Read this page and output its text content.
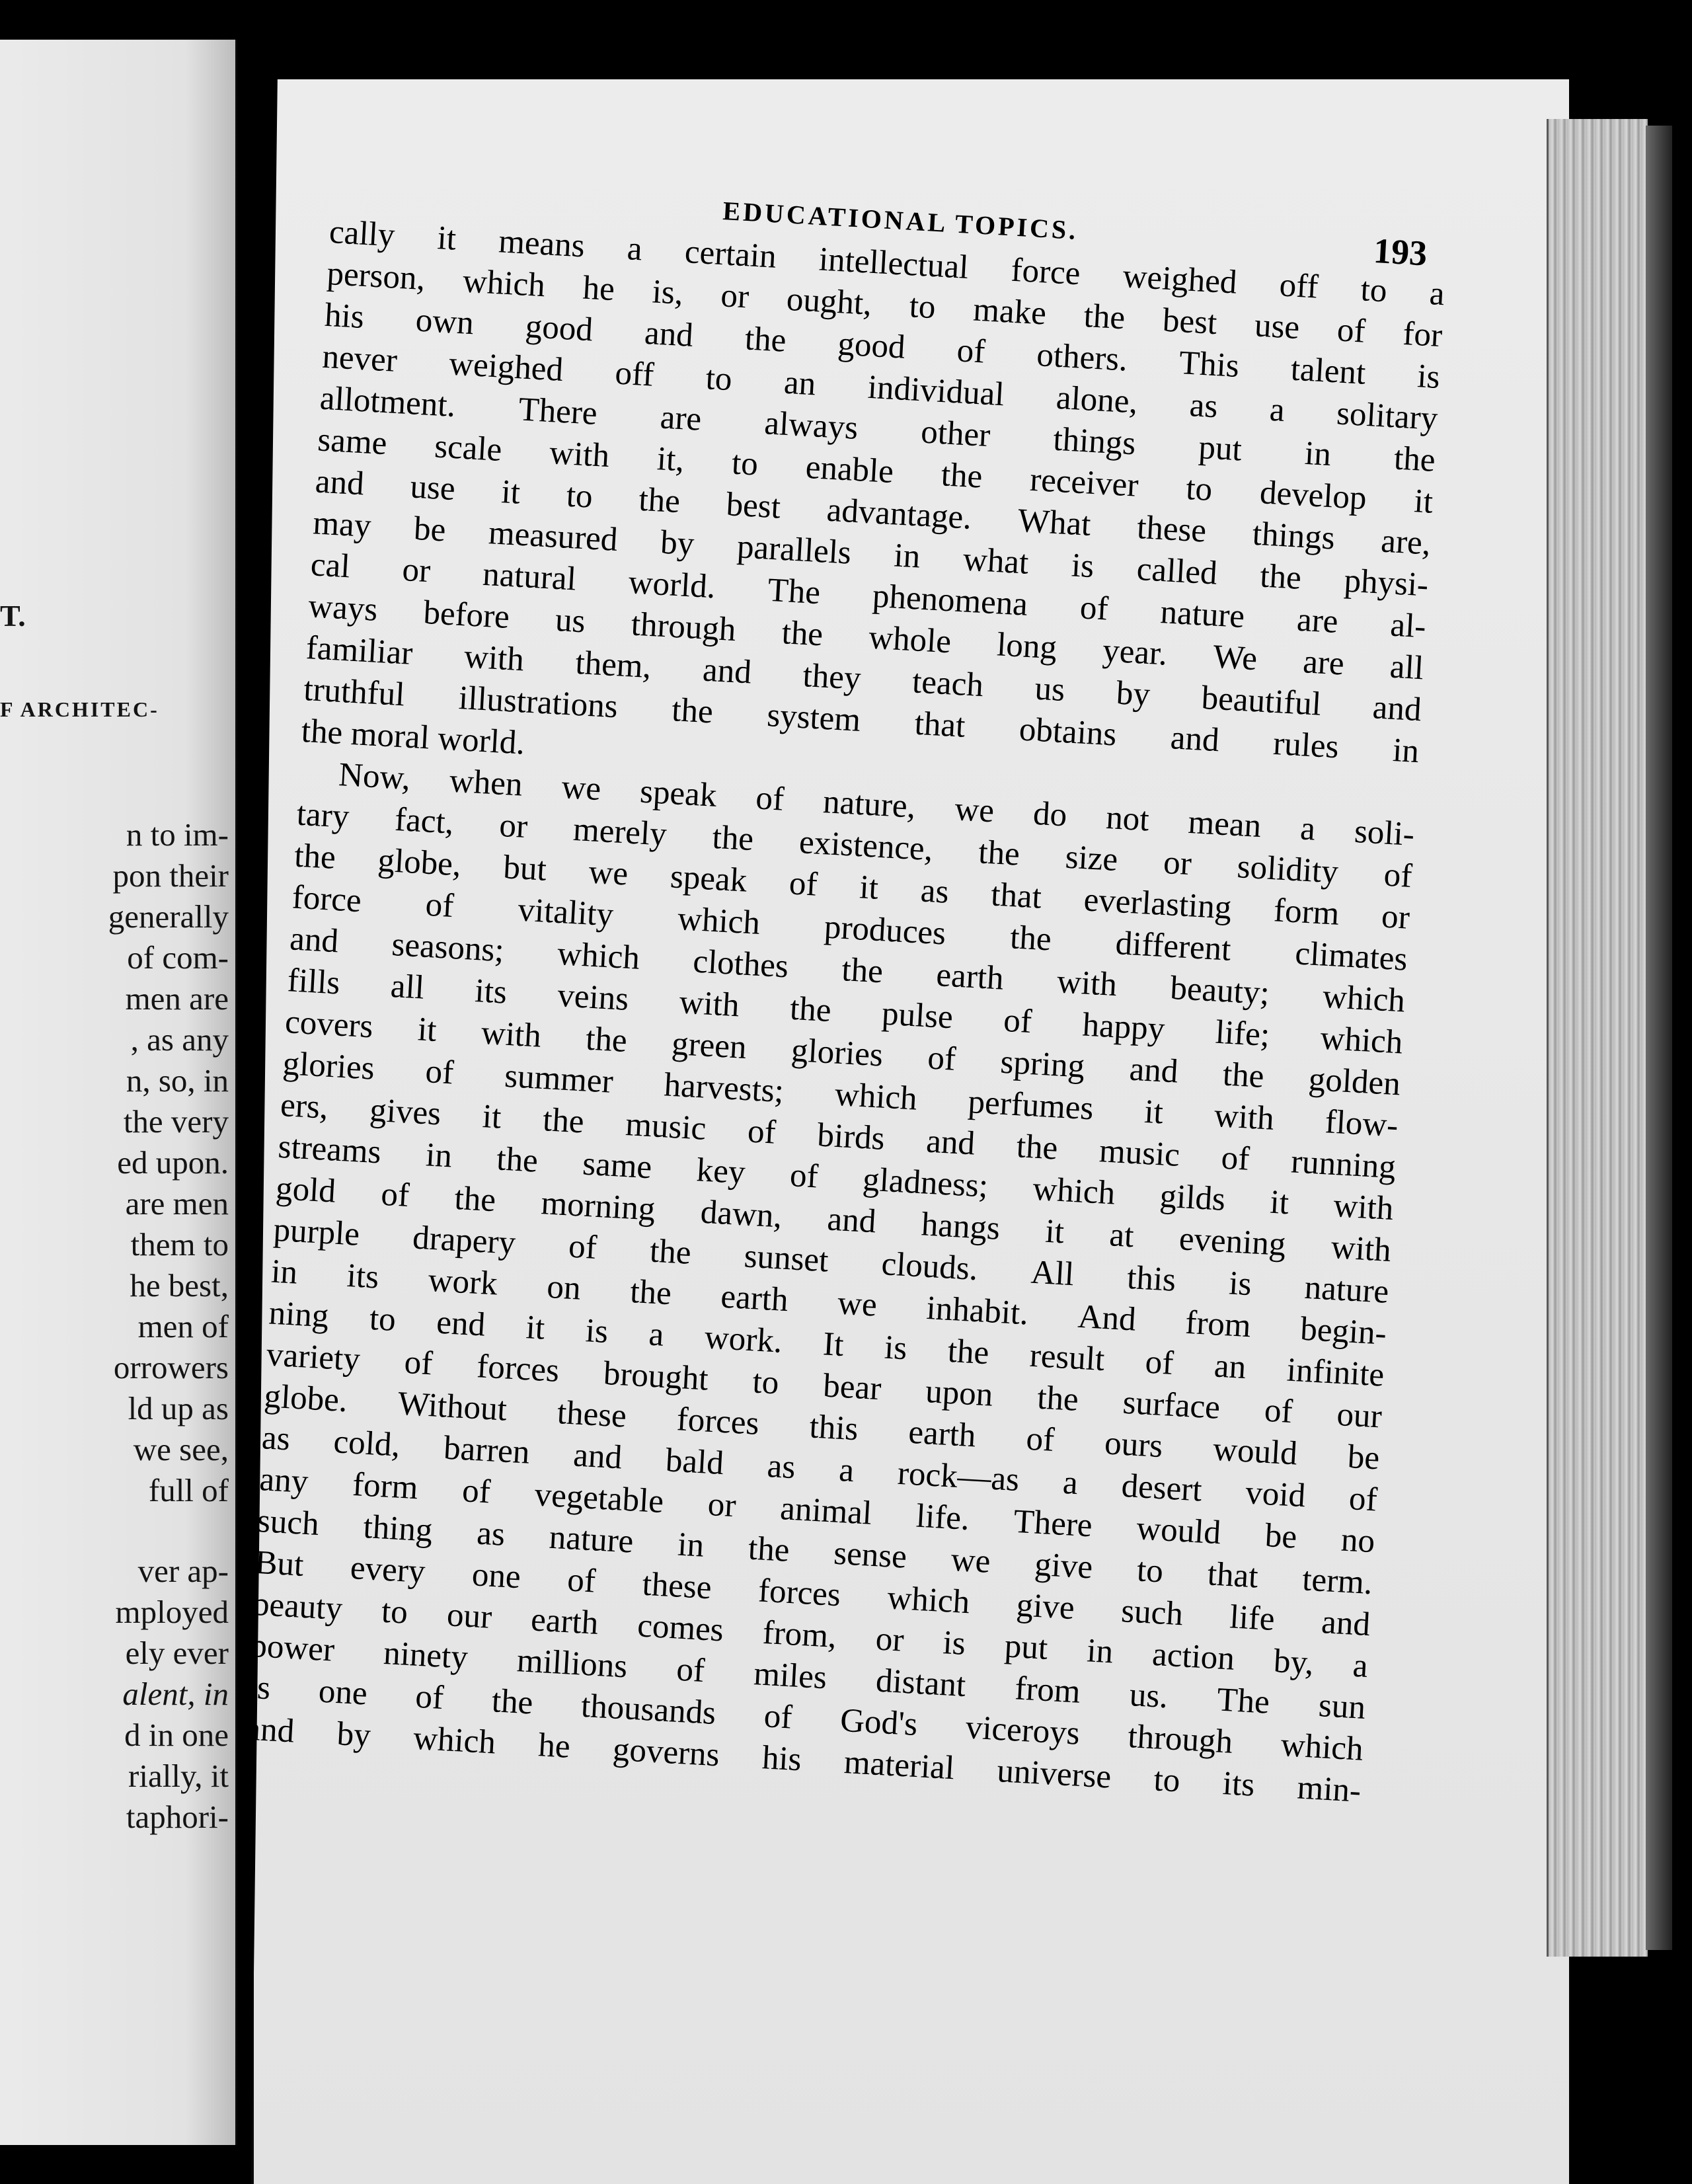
T.
F ARCHITEC-
n to im-
pon their
generally
of com-
men are
, as any
n, so, in
the very
ed upon.
are men
them to
he best,
men of
orrowers
ld up as
we see,
full of
ver ap-
mployed
ely ever
alent, in
d in one
rially, it
taphori-
EDUCATIONAL TOPICS.
193
cally it means a certain intellectual force weighed off to a
person, which he is, or ought, to make the best use of for
his own good and the good of others. This talent is
never weighed off to an individual alone, as a solitary
allotment. There are always other things put in the
same scale with it, to enable the receiver to develop it
and use it to the best advantage. What these things are,
may be measured by parallels in what is called the physi-
cal or natural world. The phenomena of nature are al-
ways before us through the whole long year. We are all
familiar with them, and they teach us by beautiful and
truthful illustrations the system that obtains and rules in
the moral world.
Now, when we speak of nature, we do not mean a soli-
tary fact, or merely the existence, the size or solidity of
the globe, but we speak of it as that everlasting form or
force of vitality which produces the different climates
and seasons; which clothes the earth with beauty; which
fills all its veins with the pulse of happy life; which
covers it with the green glories of spring and the golden
glories of summer harvests; which perfumes it with flow-
ers, gives it the music of birds and the music of running
streams in the same key of gladness; which gilds it with
gold of the morning dawn, and hangs it at evening with
purple drapery of the sunset clouds. All this is nature
in its work on the earth we inhabit. And from begin-
ning to end it is a work. It is the result of an infinite
variety of forces brought to bear upon the surface of our
globe. Without these forces this earth of ours would be
as cold, barren and bald as a rock—as a desert void of
any form of vegetable or animal life. There would be no
such thing as nature in the sense we give to that term.
But every one of these forces which give such life and
beauty to our earth comes from, or is put in action by, a
power ninety millions of miles distant from us. The sun
is one of the thousands of God's viceroys through which
and by which he governs his material universe to its min-
